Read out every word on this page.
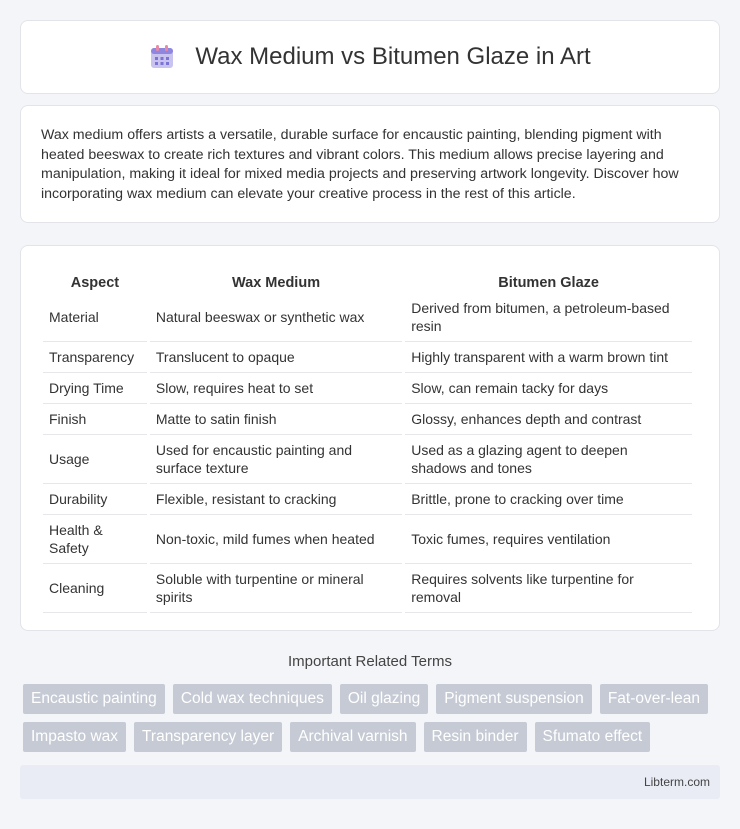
Wax Medium vs Bitumen Glaze in Art

Wax medium offers artists a versatile, durable surface for encaustic painting, blending pigment with heated beeswax to create rich textures and vibrant colors. This medium allows precise layering and manipulation, making it ideal for mixed media projects and preserving artwork longevity. Discover how incorporating wax medium can elevate your creative process in the rest of this article.

Aspect	Wax Medium	Bitumen Glaze
Material	Natural beeswax or synthetic wax	Derived from bitumen, a petroleum-based resin
Transparency	Translucent to opaque	Highly transparent with a warm brown tint
Drying Time	Slow, requires heat to set	Slow, can remain tacky for days
Finish	Matte to satin finish	Glossy, enhances depth and contrast
Usage	Used for encaustic painting and surface texture	Used as a glazing agent to deepen shadows and tones
Durability	Flexible, resistant to cracking	Brittle, prone to cracking over time
Health & Safety	Non-toxic, mild fumes when heated	Toxic fumes, requires ventilation
Cleaning	Soluble with turpentine or mineral spirits	Requires solvents like turpentine for removal
Important Related Terms
Encaustic painting	Cold wax techniques	Oil glazing	Pigment suspension	Fat-over-lean
Impasto wax	Transparency layer	Archival varnish	Resin binder	Sfumato effect
Libterm.com
